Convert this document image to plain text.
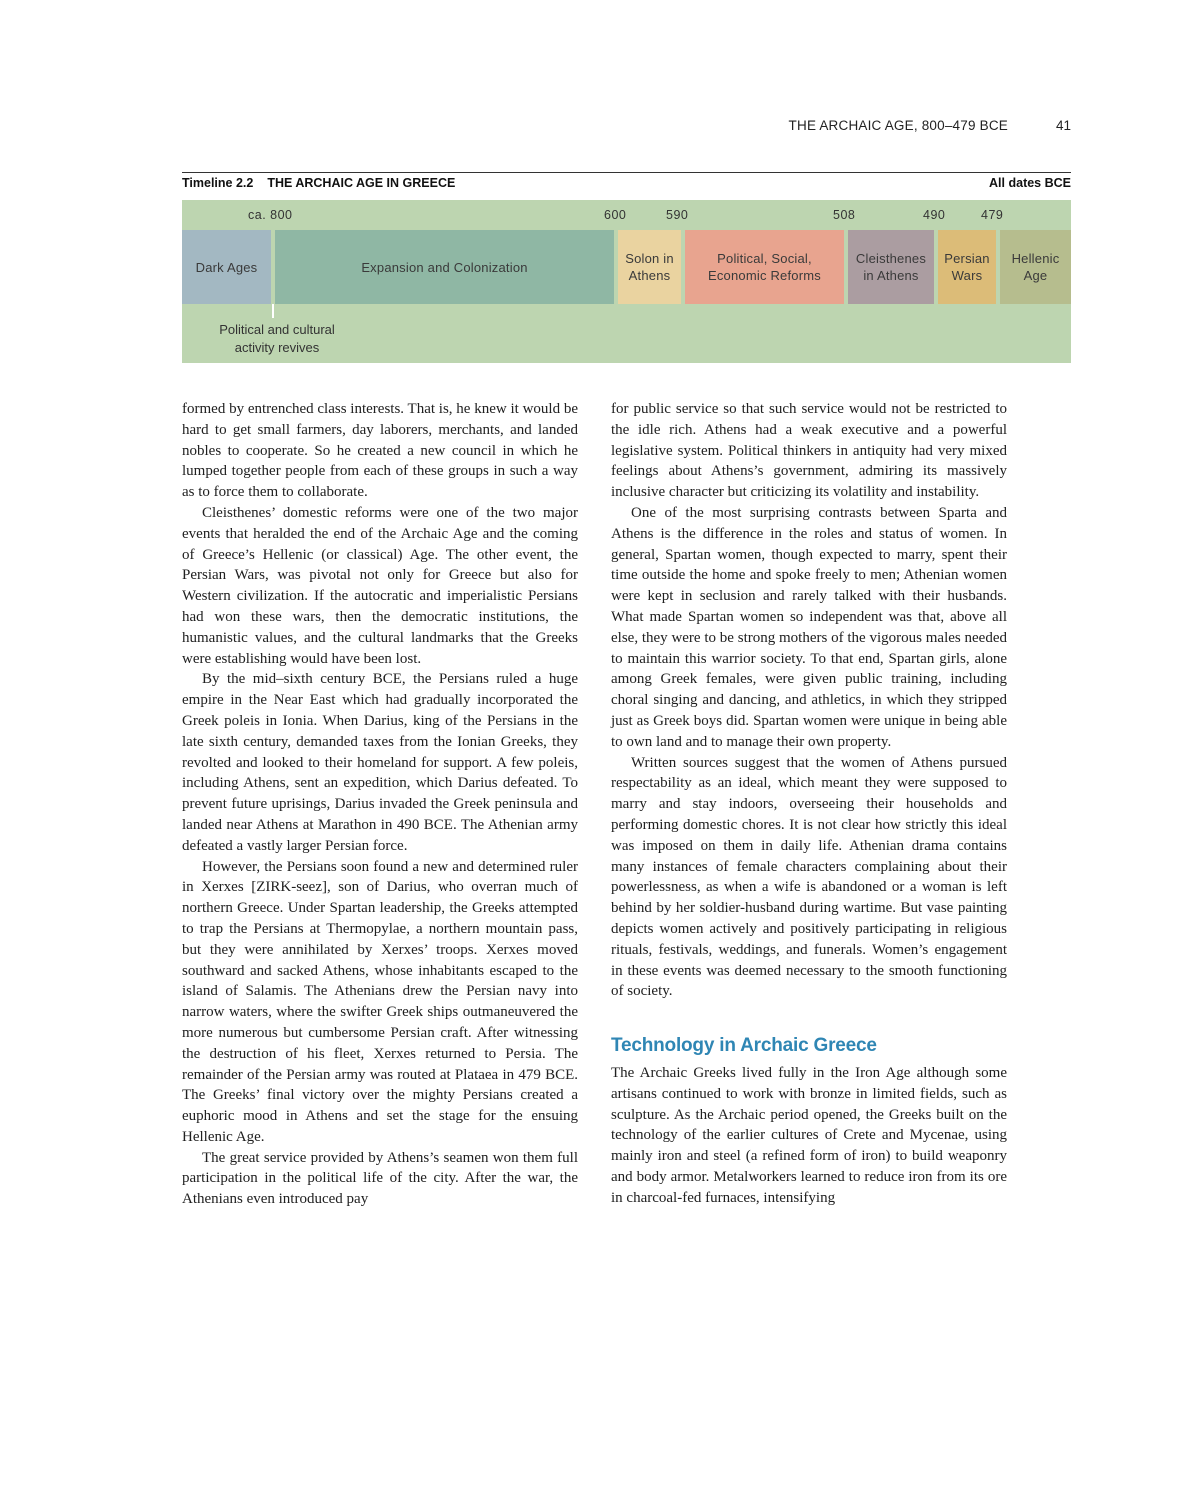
THE ARCHAIC AGE, 800–479 BCE	41
Timeline 2.2 THE ARCHAIC AGE IN GREECE	All dates BCE
ca. 800	600	590	508	490	479
Dark Ages	Expansion and Colonization
Solon in Athens
Political, Social, Economic Reforms
Cleisthenes in Athens
Persian Wars
Hellenic Age
Political and cultural activity revives

formed by entrenched class interests. That is, he knew it would be hard to get small farmers, day laborers, merchants, and landed nobles to cooperate. So he created a new council in which he lumped together people from each of these groups in such a way as to force them to collaborate.

Cleisthenes’ domestic reforms were one of the two major events that heralded the end of the Archaic Age and the coming of Greece’s Hellenic (or classical) Age. The other event, the Persian Wars, was pivotal not only for Greece but also for Western civilization. If the autocratic and imperialistic Persians had won these wars, then the democratic institutions, the humanistic values, and the cultural landmarks that the Greeks were establishing would have been lost.

By the mid–sixth century BCE, the Persians ruled a huge empire in the Near East which had gradually incorporated the Greek poleis in Ionia. When Darius, king of the Persians in the late sixth century, demanded taxes from the Ionian Greeks, they revolted and looked to their homeland for support. A few poleis, including Athens, sent an expedition, which Darius defeated. To prevent future uprisings, Darius invaded the Greek peninsula and landed near Athens at Marathon in 490 BCE. The Athenian army defeated a vastly larger Persian force.

However, the Persians soon found a new and determined ruler in Xerxes [ZIRK-seez], son of Darius, who overran much of northern Greece. Under Spartan leadership, the Greeks attempted to trap the Persians at Thermopylae, a northern mountain pass, but they were annihilated by Xerxes’ troops. Xerxes moved southward and sacked Athens, whose inhabitants escaped to the island of Salamis. The Athenians drew the Persian navy into narrow waters, where the swifter Greek ships outmaneuvered the more numerous but cumbersome Persian craft. After witnessing the destruction of his fleet, Xerxes returned to Persia. The remainder of the Persian army was routed at Plataea in 479 BCE. The Greeks’ final victory over the mighty Persians created a euphoric mood in Athens and set the stage for the ensuing Hellenic Age.

The great service provided by Athens’s seamen won them full participation in the political life of the city. After the war, the Athenians even introduced pay

for public service so that such service would not be restricted to the idle rich. Athens had a weak executive and a powerful legislative system. Political thinkers in antiquity had very mixed feelings about Athens’s government, admiring its massively inclusive character but criticizing its volatility and instability.

One of the most surprising contrasts between Sparta and Athens is the difference in the roles and status of women. In general, Spartan women, though expected to marry, spent their time outside the home and spoke freely to men; Athenian women were kept in seclusion and rarely talked with their husbands. What made Spartan women so independent was that, above all else, they were to be strong mothers of the vigorous males needed to maintain this warrior society. To that end, Spartan girls, alone among Greek females, were given public training, including choral singing and dancing, and athletics, in which they stripped just as Greek boys did. Spartan women were unique in being able to own land and to manage their own property.

Written sources suggest that the women of Athens pursued respectability as an ideal, which meant they were supposed to marry and stay indoors, overseeing their households and performing domestic chores. It is not clear how strictly this ideal was imposed on them in daily life. Athenian drama contains many instances of female characters complaining about their powerlessness, as when a wife is abandoned or a woman is left behind by her soldier-husband during wartime. But vase painting depicts women actively and positively participating in religious rituals, festivals, weddings, and funerals. Women’s engagement in these events was deemed necessary to the smooth functioning of society.

Technology in Archaic Greece

The Archaic Greeks lived fully in the Iron Age although some artisans continued to work with bronze in limited fields, such as sculpture. As the Archaic period opened, the Greeks built on the technology of the earlier cultures of Crete and Mycenae, using mainly iron and steel (a refined form of iron) to build weaponry and body armor. Metalworkers learned to reduce iron from its ore in charcoal-fed furnaces, intensifying
